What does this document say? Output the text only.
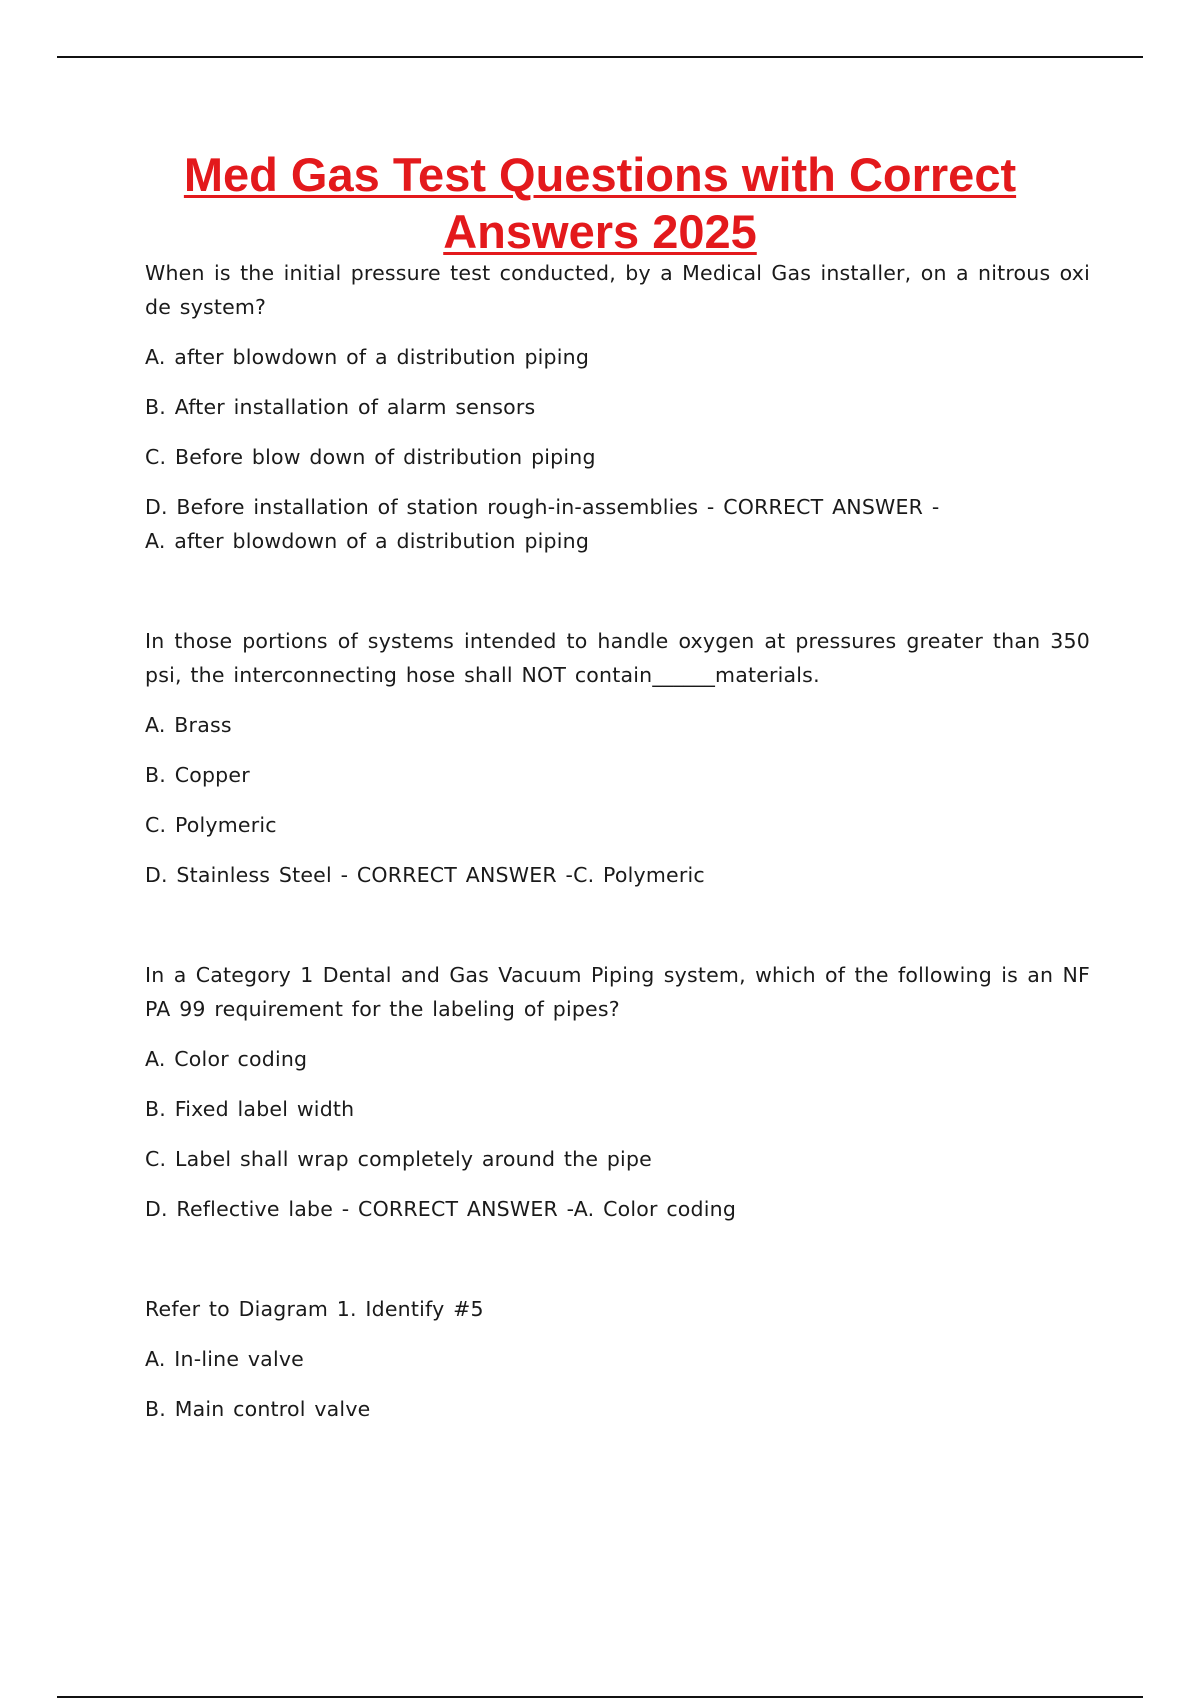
Med Gas Test Questions with Correct
Answers 2025

When is the initial pressure test conducted, by a Medical Gas installer, on a nitrous oxide system?

A. after blowdown of a distribution piping

B. After installation of alarm sensors

C. Before blow down of distribution piping

D. Before installation of station rough-in-assemblies - CORRECT ANSWER -

A. after blowdown of a distribution piping

In those portions of systems intended to handle oxygen at pressures greater than 350 psi, the interconnecting hose shall NOT contain______materials.

A. Brass

B. Copper

C. Polymeric

D. Stainless Steel - CORRECT ANSWER -C. Polymeric

In a Category 1 Dental and Gas Vacuum Piping system, which of the following is an NFPA 99 requirement for the labeling of pipes?

A. Color coding

B. Fixed label width

C. Label shall wrap completely around the pipe

D. Reflective labe - CORRECT ANSWER -A. Color coding

Refer to Diagram 1. Identify #5

A. In-line valve

B. Main control valve
